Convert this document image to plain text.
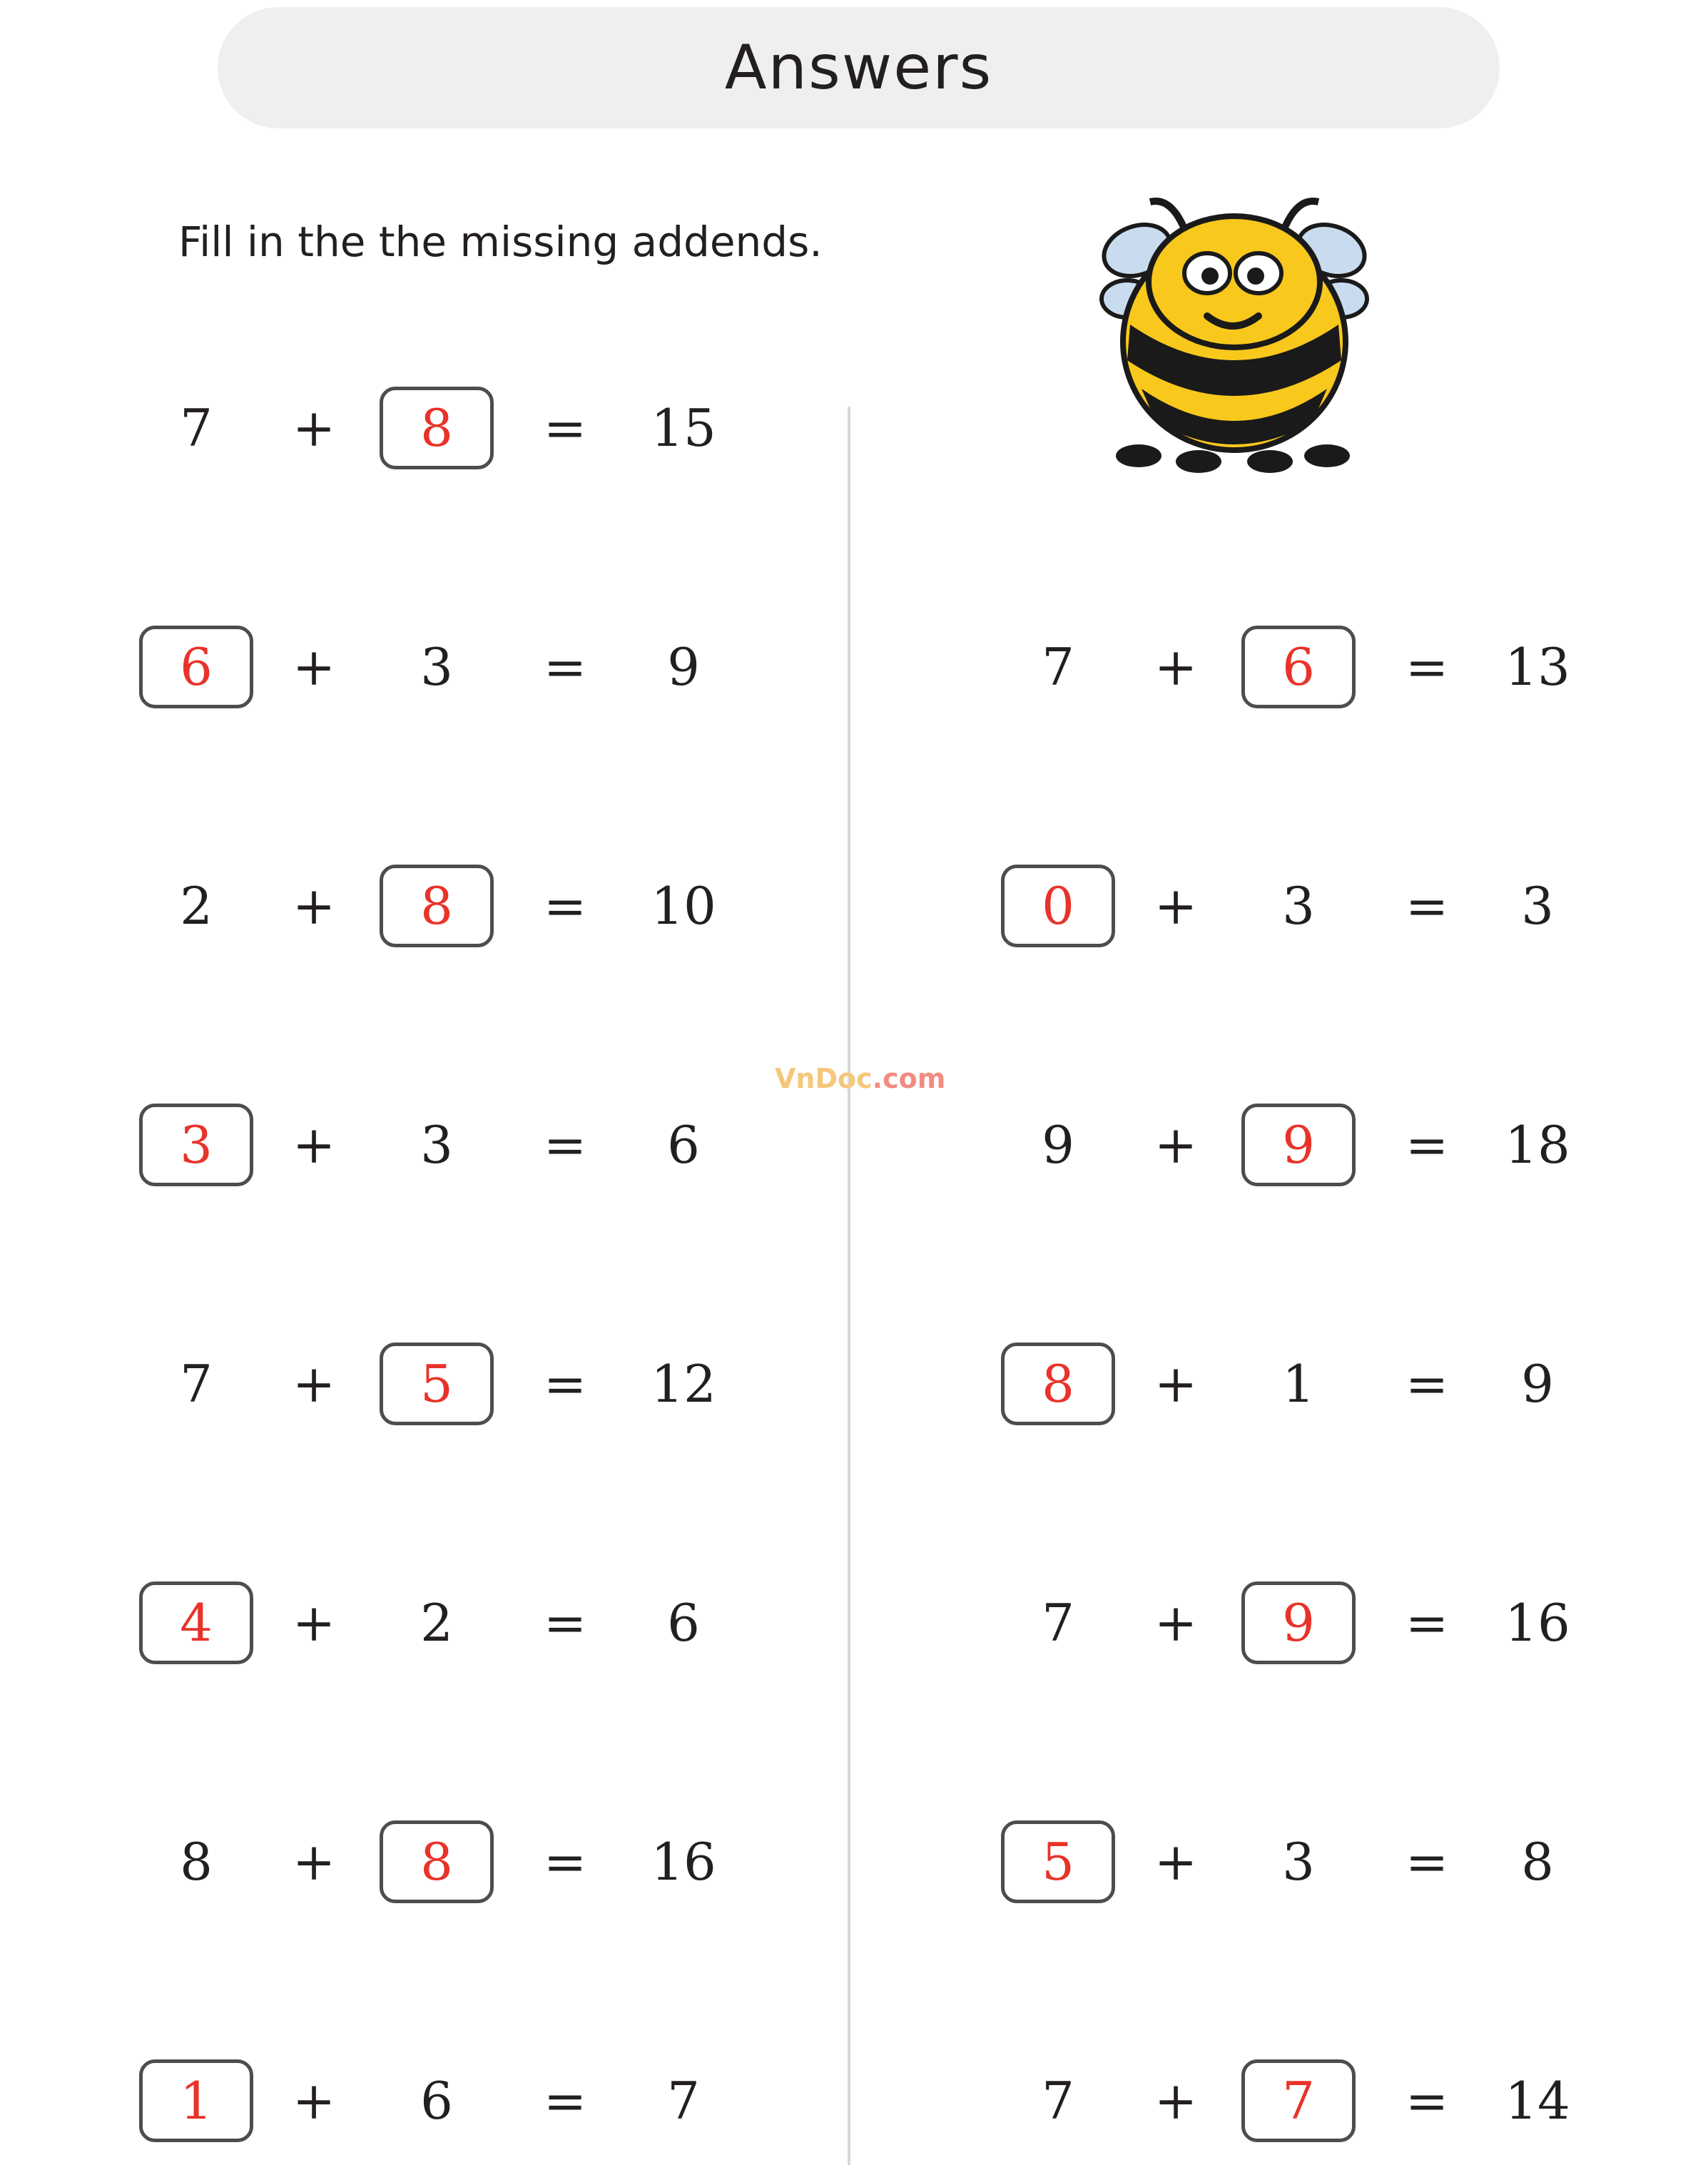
Answers
Fill in the the missing addends.
VnDoc.com
7	+	8	=	15
6	+	3	=	9
2	+	8	=	10
3	+	3	=	6
7	+	5	=	12
4	+	2	=	6
8	+	8	=	16
1	+	6	=	7
7	+	6	=	13
0	+	3	=	3
9	+	9	=	18
8	+	1	=	9
7	+	9	=	16
5	+	3	=	8
7	+	7	=	14
